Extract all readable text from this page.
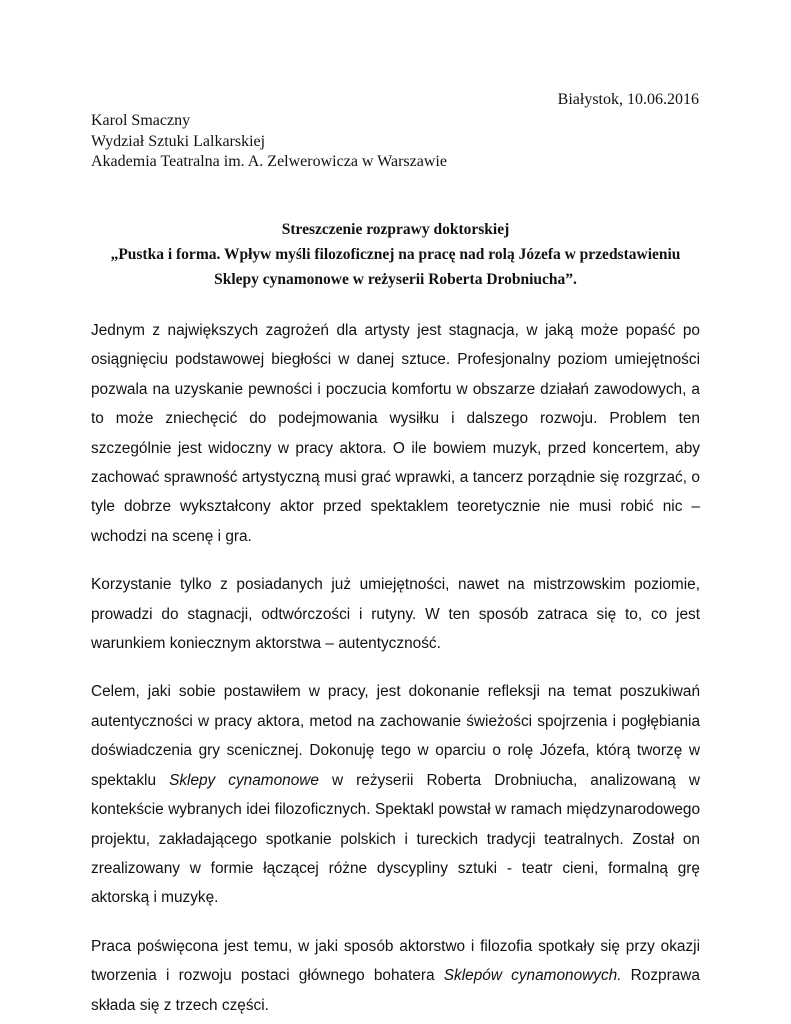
Białystok, 10.06.2016
Karol Smaczny
Wydział Sztuki Lalkarskiej
Akademia Teatralna im. A. Zelwerowicza w Warszawie
Streszczenie rozprawy doktorskiej
„Pustka i forma. Wpływ myśli filozoficznej na pracę nad rolą Józefa w przedstawieniu
Sklepy cynamonowe w reżyserii Roberta Drobniucha”.

Jednym z największych zagrożeń dla artysty jest stagnacja, w jaką może popaść po osiągnięciu podstawowej biegłości w danej sztuce. Profesjonalny poziom umiejętności pozwala na uzyskanie pewności i poczucia komfortu w obszarze działań zawodowych, a to może zniechęcić do podejmowania wysiłku i dalszego rozwoju. Problem ten szczególnie jest widoczny w pracy aktora. O ile bowiem muzyk, przed koncertem, aby zachować sprawność artystyczną musi grać wprawki, a tancerz porządnie się rozgrzać, o tyle dobrze wykształcony aktor przed spektaklem teoretycznie nie musi robić nic – wchodzi na scenę i gra.

Korzystanie tylko z posiadanych już umiejętności, nawet na mistrzowskim poziomie, prowadzi do stagnacji, odtwórczości i rutyny. W ten sposób zatraca się to, co jest warunkiem koniecznym aktorstwa – autentyczność.

Celem, jaki sobie postawiłem w pracy, jest dokonanie refleksji na temat poszukiwań autentyczności w pracy aktora, metod na zachowanie świeżości spojrzenia i pogłębiania doświadczenia gry scenicznej. Dokonuję tego w oparciu o rolę Józefa, którą tworzę w spektaklu Sklepy cynamonowe w reżyserii Roberta Drobniucha, analizowaną w kontekście wybranych idei filozoficznych. Spektakl powstał w ramach międzynarodowego projektu, zakładającego spotkanie polskich i tureckich tradycji teatralnych. Został on zrealizowany w formie łączącej różne dyscypliny sztuki - teatr cieni, formalną grę aktorską i muzykę.

Praca poświęcona jest temu, w jaki sposób aktorstwo i filozofia spotkały się przy okazji tworzenia i rozwoju postaci głównego bohatera Sklepów cynamonowych. Rozprawa składa się z trzech części.
